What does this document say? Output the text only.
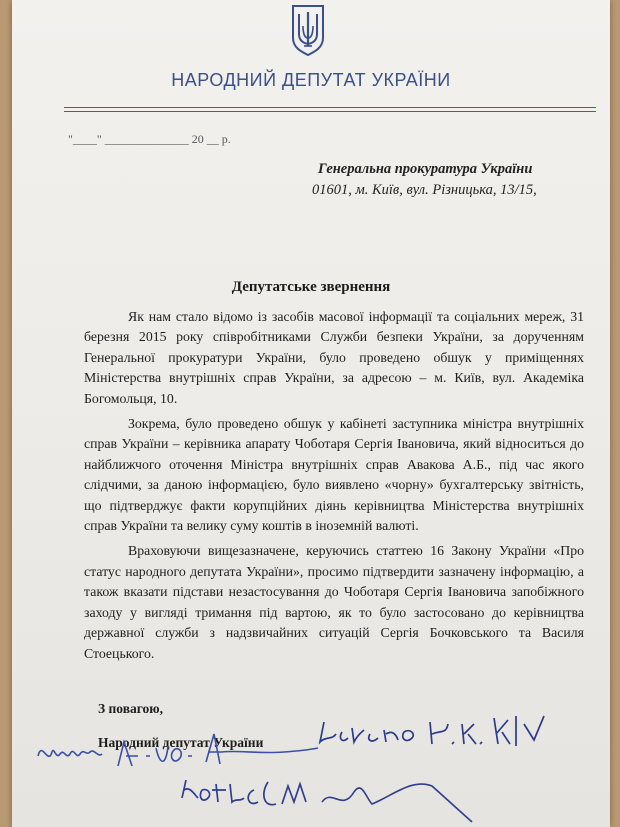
НАРОДНИЙ ДЕПУТАТ УКРАЇНИ
"____" ______________ 20 __ р.
Генеральна прокуратура України
01601, м. Київ, вул. Різницька, 13/15,
Депутатське звернення

Як нам стало відомо із засобів масової інформації та соціальних мереж, 31 березня 2015 року співробітниками Служби безпеки України, за дорученням Генеральної прокуратури України, було проведено обшук у приміщеннях Міністерства внутрішніх справ України, за адресою – м. Київ, вул. Академіка Богомольця, 10.

Зокрема, було проведено обшук у кабінеті заступника міністра внутрішніх справ України – керівника апарату Чоботаря Сергія Івановича, який відноситься до найближчого оточення Міністра внутрішніх справ Авакова А.Б., під час якого слідчими, за даною інформацією, було виявлено «чорну» бухгалтерську звітність, що підтверджує факти корупційних діянь керівництва Міністерства внутрішніх справ України та велику суму коштів в іноземній валюті.

Враховуючи вищезазначене, керуючись статтею 16 Закону України «Про статус народного депутата України», просимо підтвердити зазначену інформацію, а також вказати підстави незастосування до Чоботаря Сергія Івановича запобіжного заходу у вигляді тримання під вартою, як то було застосовано до керівництва державної служби з надзвичайних ситуацій Сергія Бочковського та Василя Стоецького.

З повагою,
Народний депутат України
